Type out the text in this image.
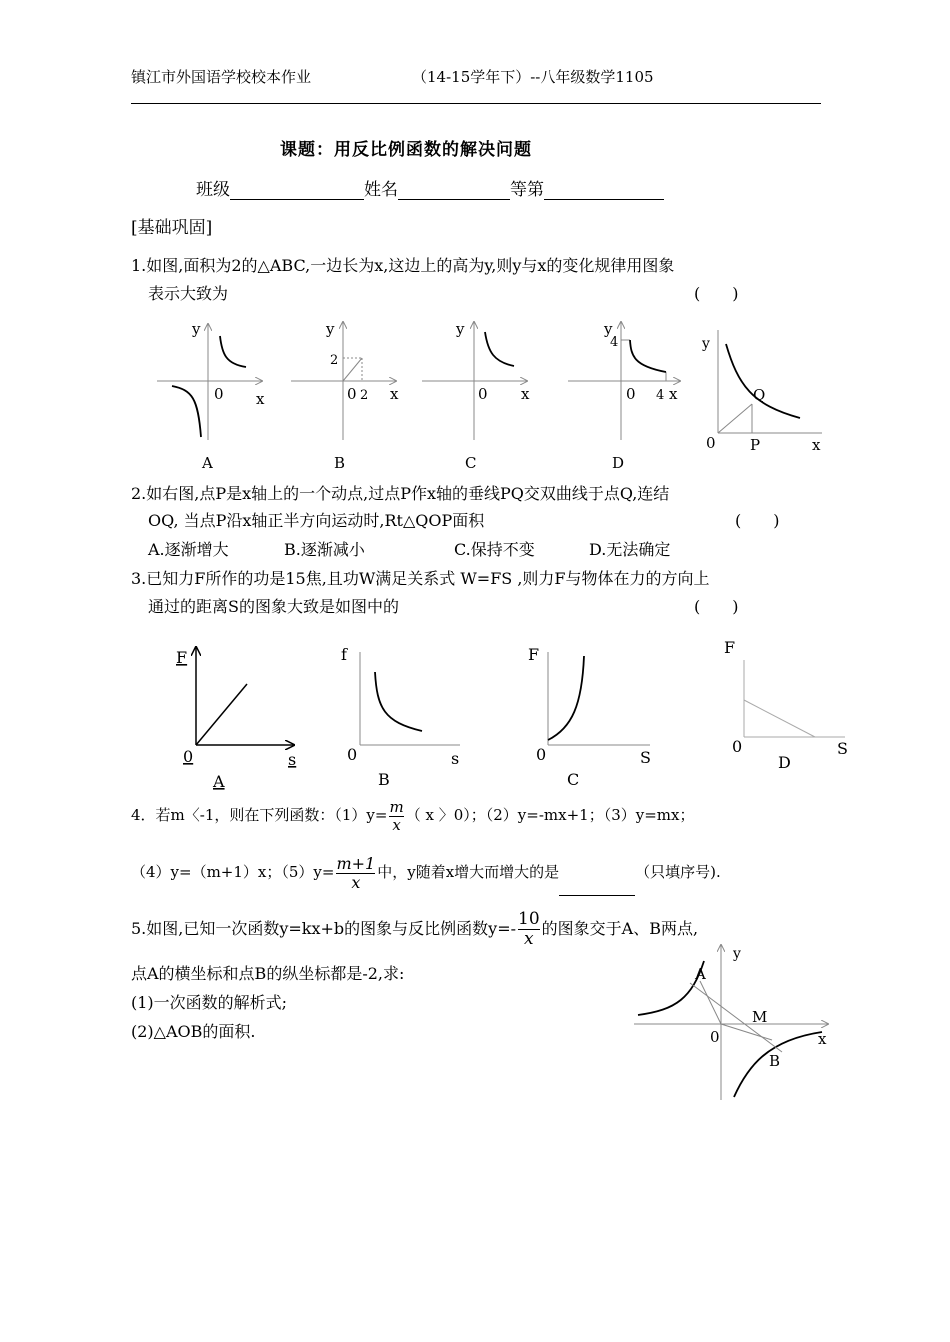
镇江市外国语学校校本作业	（14-15学年下）--八年级数学1105
课题：用反比例函数的解决问题
班级	姓名	等第
[基础巩固]
1.如图,面积为2的△ABC,一边长为x,这边上的高为y,则y与x的变化规律用图象
表示大致为	(　　)
y
0 x
A
y
2
0 2 x
B
y
0 x
C
y
4
0 4 x
D
y
0 P
Q
x
F
0	s
A
f
0	s
B
F
0	S
C
F
0	S
D
A
y
M
0
B
x
2.如右图,点P是x轴上的一个动点,过点P作x轴的垂线PQ交双曲线于点Q,连结
OQ, 当点P沿x轴正半方向运动时,Rt△QOP面积	(　　)
A.逐渐增大	B.逐渐减小	C.保持不变	D.无法确定
3.已知力F所作的功是15焦,且功W满足关系式 W=FS ,则力F与物体在力的方向上
通过的距离S的图象大致是如图中的	(　　)
4．若m〈-1，则在下列函数：$(1)y= \frac{m}{x}$ （ x 〉0）；（2）y=-mx+1；（3）y=mx；
（4）y=（m+1）x；$(5)y= \frac{m+1}{x}$ 中，y随着x增大而增大的是	（只填序号).
5.如图,已知一次函数y=kx+b的图象与反比例函数$y=- \frac{10}{x}$ 的图象交于A、B两点,
点A的横坐标和点B的纵坐标都是-2,求:
(1)一次函数的解析式;
(2)△AOB的面积.
